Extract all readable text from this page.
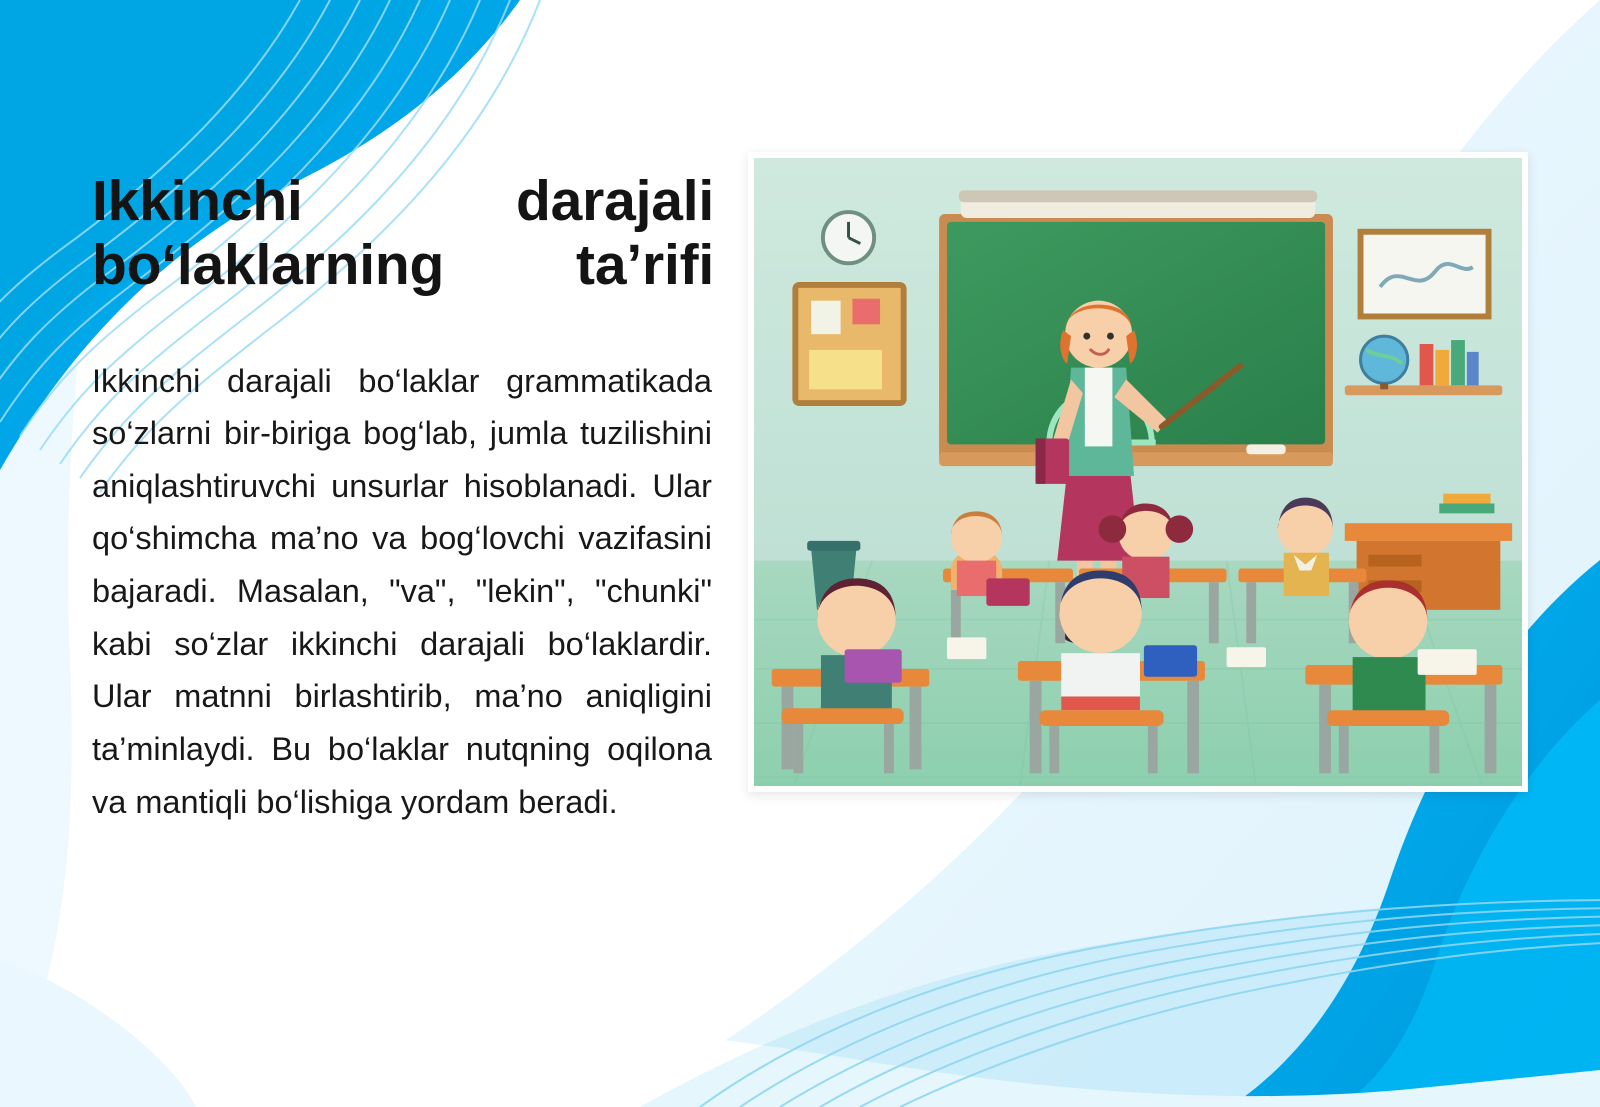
Ikkinchi darajali bo‘laklarning ta’rifi

Ikkinchi darajali bo‘laklar grammatikada so‘zlarni bir-biriga bog‘lab, jumla tuzilishini aniqlashtiruvchi unsurlar hisoblanadi. Ular qo‘shimcha ma’no va bog‘lovchi vazifasini bajaradi. Masalan, "va", "lekin", "chunki" kabi so‘zlar ikkinchi darajali bo‘laklardir. Ular matnni birlashtirib, ma’no aniqligini ta’minlaydi. Bu bo‘laklar nutqning oqilona va mantiqli bo‘lishiga yordam beradi.
